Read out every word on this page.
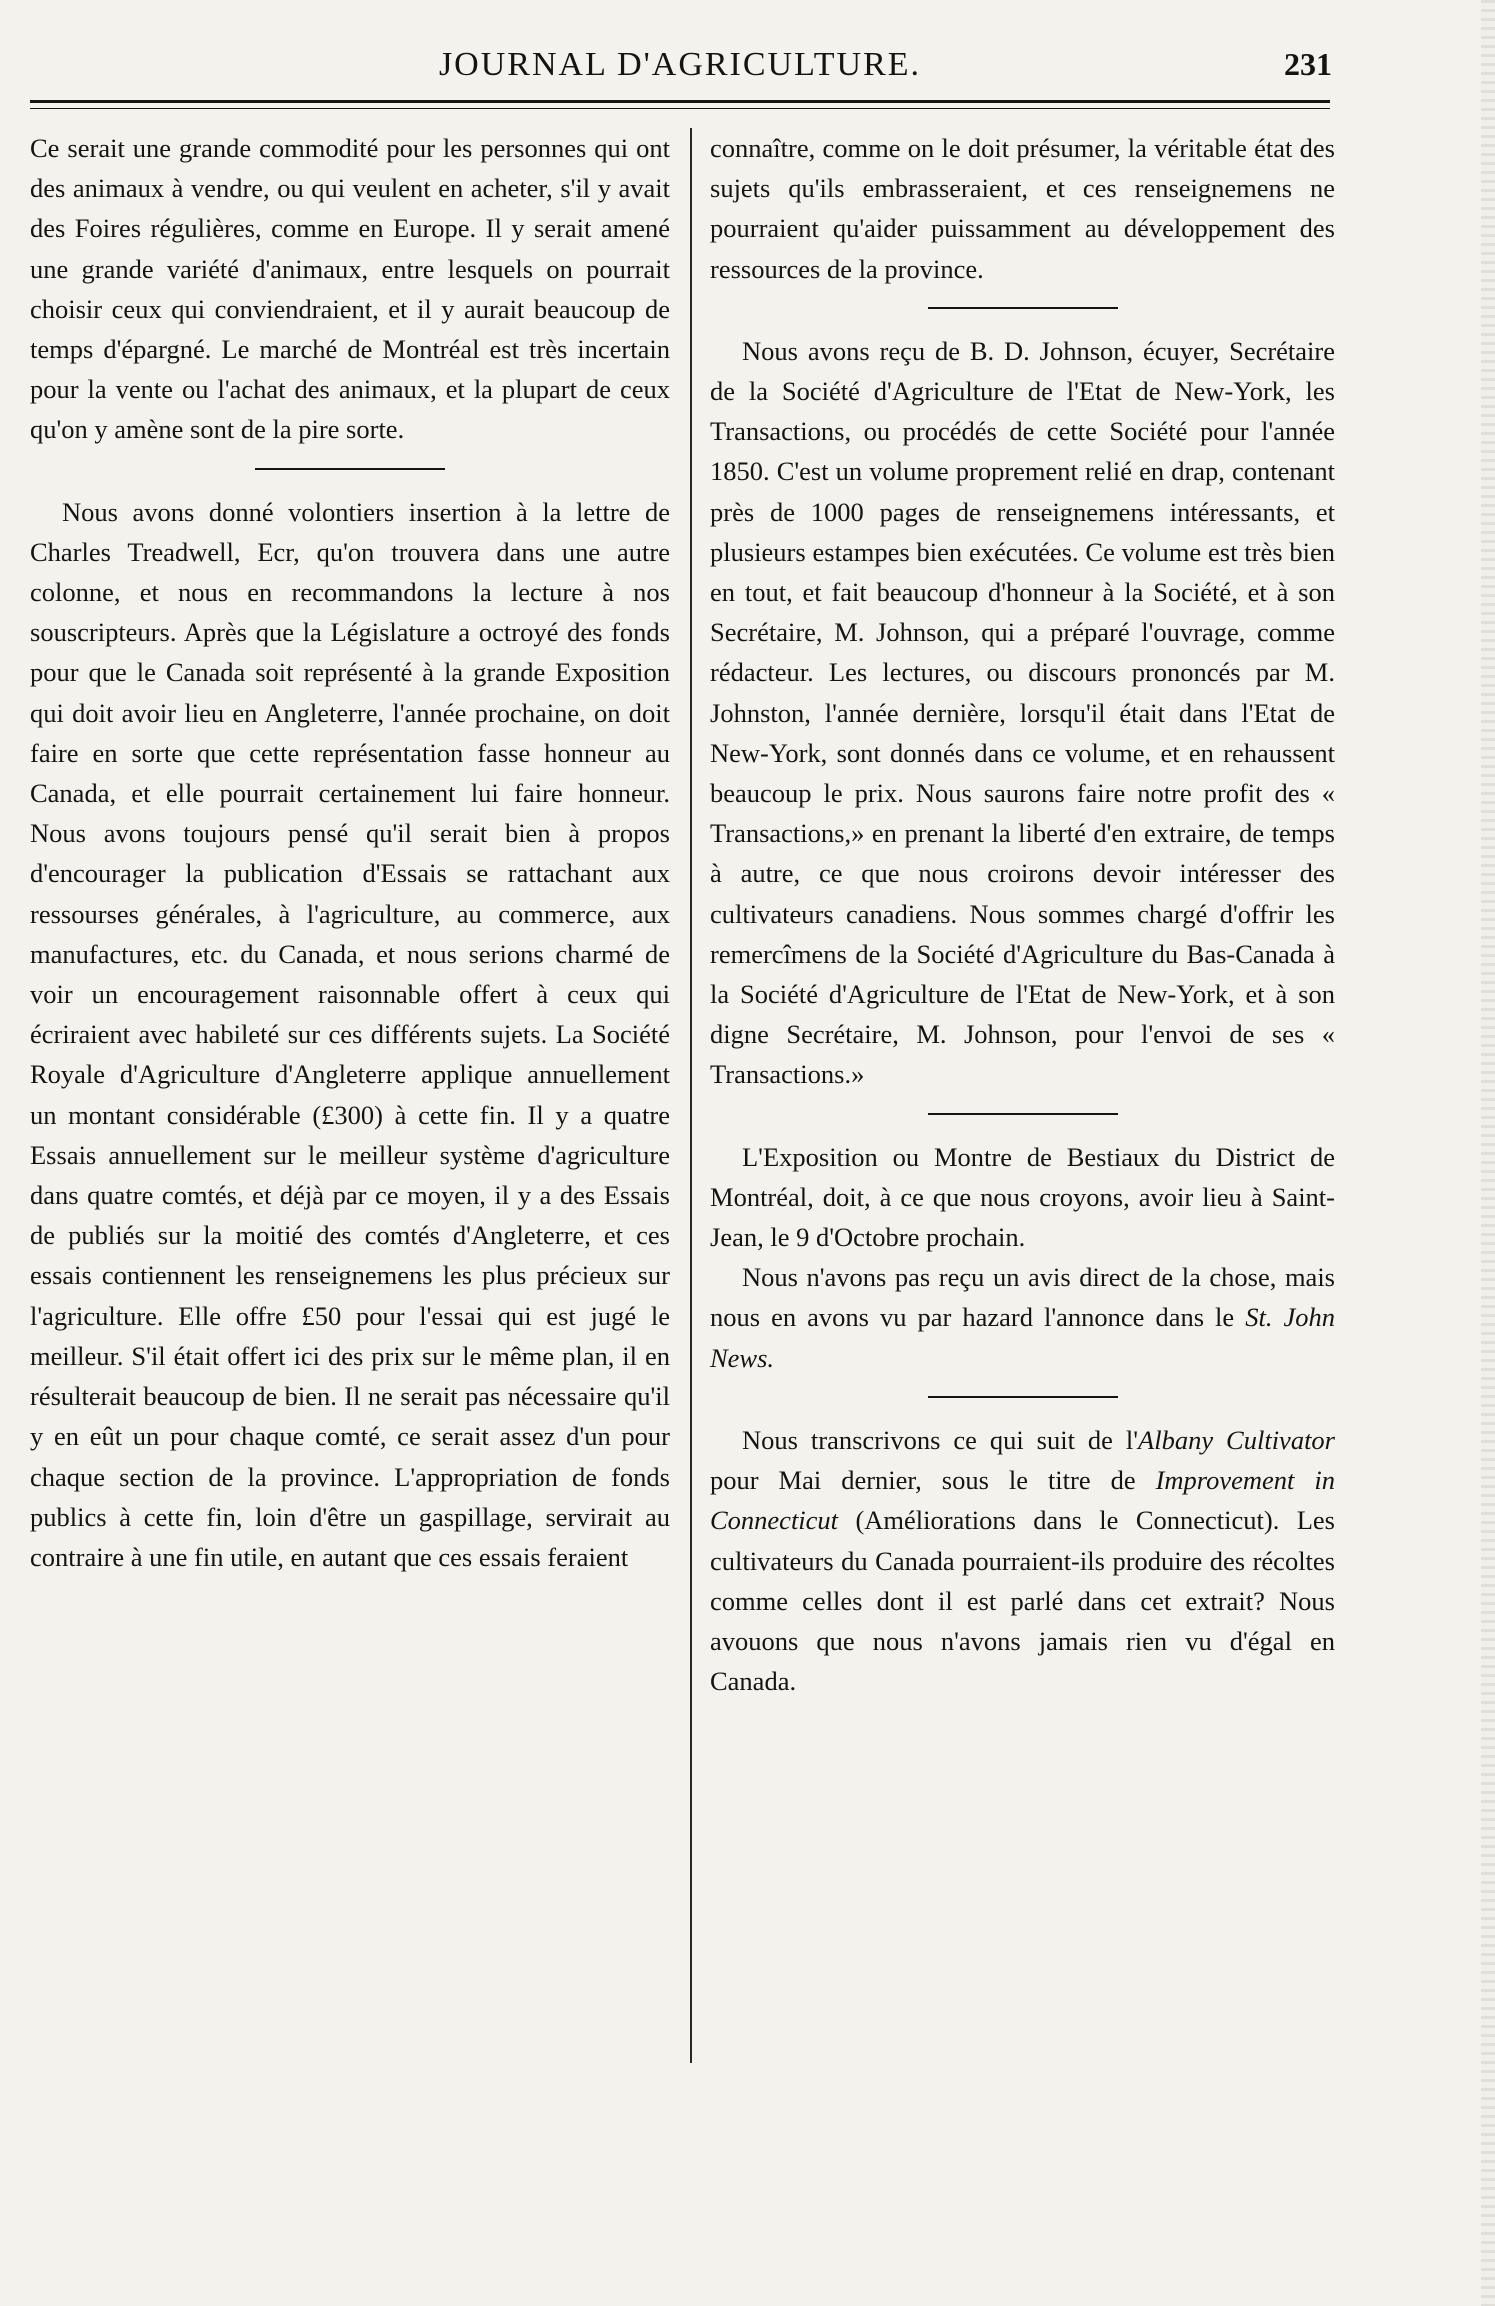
JOURNAL D'AGRICULTURE.	231

Ce serait une grande commodité pour les personnes qui ont des animaux à vendre, ou qui veulent en acheter, s'il y avait des Foires régulières, comme en Europe. Il y serait amené une grande variété d'animaux, entre lesquels on pourrait choisir ceux qui conviendraient, et il y aurait beaucoup de temps d'épargné. Le marché de Montréal est très incertain pour la vente ou l'achat des animaux, et la plupart de ceux qu'on y amène sont de la pire sorte.

Nous avons donné volontiers insertion à la lettre de Charles Treadwell, Ecr, qu'on trouvera dans une autre colonne, et nous en recommandons la lecture à nos souscripteurs. Après que la Législature a octroyé des fonds pour que le Canada soit représenté à la grande Exposition qui doit avoir lieu en Angleterre, l'année prochaine, on doit faire en sorte que cette représentation fasse honneur au Canada, et elle pourrait certainement lui faire honneur. Nous avons toujours pensé qu'il serait bien à propos d'encourager la publication d'Essais se rattachant aux ressourses générales, à l'agriculture, au commerce, aux manufactures, etc. du Canada, et nous serions charmé de voir un encouragement raisonnable offert à ceux qui écriraient avec habileté sur ces différents sujets. La Société Royale d'Agriculture d'Angleterre applique annuellement un montant considérable (£300) à cette fin. Il y a quatre Essais annuellement sur le meilleur système d'agriculture dans quatre comtés, et déjà par ce moyen, il y a des Essais de publiés sur la moitié des comtés d'Angleterre, et ces essais contiennent les renseignemens les plus précieux sur l'agriculture. Elle offre £50 pour l'essai qui est jugé le meilleur. S'il était offert ici des prix sur le même plan, il en résulterait beaucoup de bien. Il ne serait pas nécessaire qu'il y en eût un pour chaque comté, ce serait assez d'un pour chaque section de la province. L'appropriation de fonds publics à cette fin, loin d'être un gaspillage, servirait au contraire à une fin utile, en autant que ces essais feraient

connaître, comme on le doit présumer, la véritable état des sujets qu'ils embrasseraient, et ces renseignemens ne pourraient qu'aider puissamment au développement des ressources de la province.

Nous avons reçu de B. D. Johnson, écuyer, Secrétaire de la Société d'Agriculture de l'Etat de New-York, les Transactions, ou procédés de cette Société pour l'année 1850. C'est un volume proprement relié en drap, contenant près de 1000 pages de renseignemens intéressants, et plusieurs estampes bien exécutées. Ce volume est très bien en tout, et fait beaucoup d'honneur à la Société, et à son Secrétaire, M. Johnson, qui a préparé l'ouvrage, comme rédacteur. Les lectures, ou discours prononcés par M. Johnston, l'année dernière, lorsqu'il était dans l'Etat de New-York, sont donnés dans ce volume, et en rehaussent beaucoup le prix. Nous saurons faire notre profit des « Transactions,» en prenant la liberté d'en extraire, de temps à autre, ce que nous croirons devoir intéresser des cultivateurs canadiens. Nous sommes chargé d'offrir les remercîmens de la Société d'Agriculture du Bas-Canada à la Société d'Agriculture de l'Etat de New-York, et à son digne Secrétaire, M. Johnson, pour l'envoi de ses « Transactions.»

L'Exposition ou Montre de Bestiaux du District de Montréal, doit, à ce que nous croyons, avoir lieu à Saint-Jean, le 9 d'Octobre prochain.

Nous n'avons pas reçu un avis direct de la chose, mais nous en avons vu par hazard l'annonce dans le St. John News.

Nous transcrivons ce qui suit de l'Albany Cultivator pour Mai dernier, sous le titre de Improvement in Connecticut (Améliorations dans le Connecticut). Les cultivateurs du Canada pourraient-ils produire des récoltes comme celles dont il est parlé dans cet extrait? Nous avouons que nous n'avons jamais rien vu d'égal en Canada.
